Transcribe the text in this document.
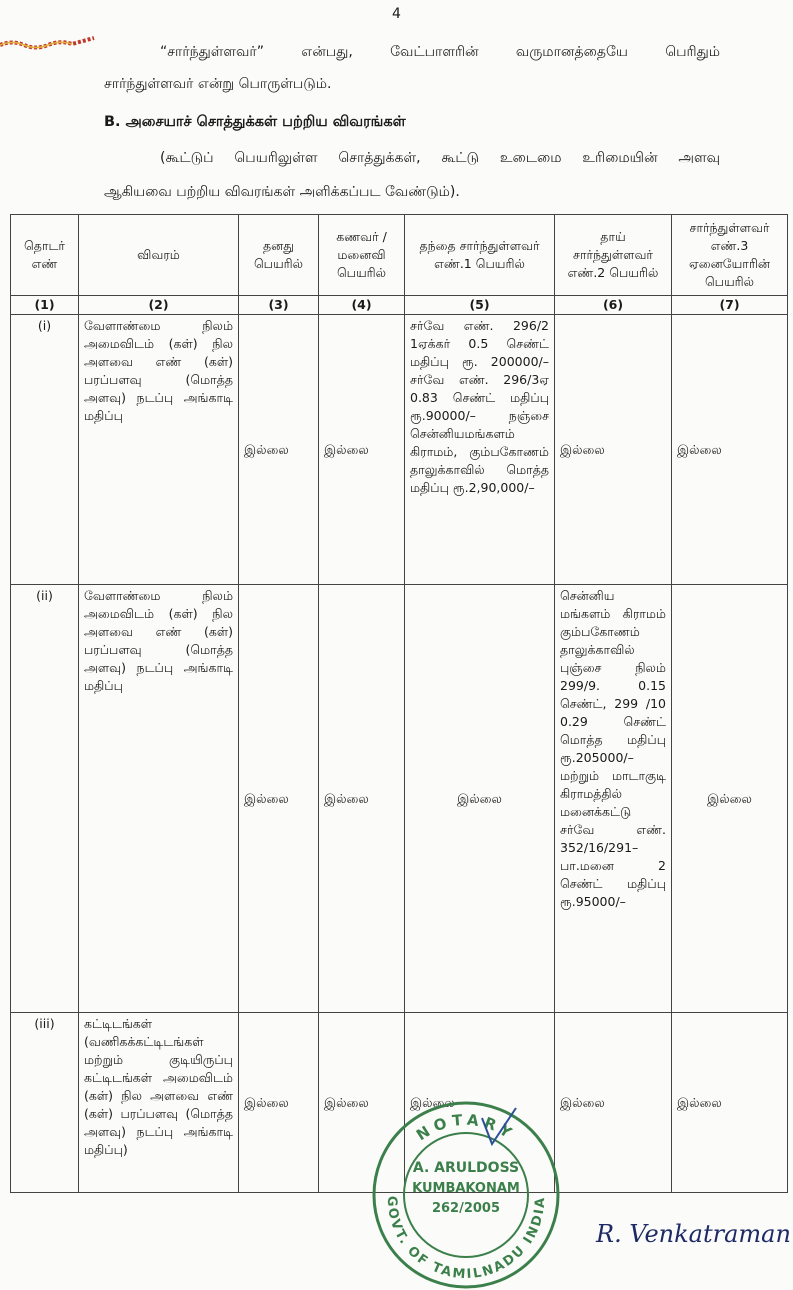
4
“சார்ந்துள்ளவர்” என்பது, வேட்பாளரின் வருமானத்தையே பெரிதும்
சார்ந்துள்ளவர் என்று பொருள்படும்.
B. அசையாச் சொத்துக்கள் பற்றிய விவரங்கள்
(கூட்டுப் பெயரிலுள்ள சொத்துக்கள், கூட்டு உடைமை உரிமையின் அளவு
ஆகியவை பற்றிய விவரங்கள் அளிக்கப்பட வேண்டும்).
தொடர் எண்	விவரம்	தனது பெயரில்	கணவர் / மனைவி பெயரில்	தந்தை சார்ந்துள்ளவர் எண்.1 பெயரில்	தாய் சார்ந்துள்ளவர் எண்.2 பெயரில்	சார்ந்துள்ளவர் எண்.3 ஏனையோரின் பெயரில்
(1)	(2)	(3)	(4)	(5)	(6)	(7)
(i)	வேளாண்மை நிலம் அமைவிடம் (கள்) நில அளவை எண் (கள்) பரப்பளவு (மொத்த அளவு) நடப்பு அங்காடி மதிப்பு	இல்லை	இல்லை	சர்வே எண். 296/2 1ஏக்கர் 0.5 செண்ட் மதிப்பு ரூ. 200000/– சர்வே எண். 296/3ஏ 0.83 செண்ட் மதிப்பு ரூ.90000/– நஞ்சை சென்னியமங்களம் கிராமம், கும்பகோணம் தாலுக்காவில் மொத்த மதிப்பு ரூ.2,90,000/–	இல்லை	இல்லை
(ii)	வேளாண்மை நிலம் அமைவிடம் (கள்) நில அளவை எண் (கள்) பரப்பளவு (மொத்த அளவு) நடப்பு அங்காடி மதிப்பு	இல்லை	இல்லை	இல்லை	சென்னிய மங்களம் கிராமம் கும்பகோணம் தாலுக்காவில் புஞ்சை நிலம் 299/9. 0.15 செண்ட், 299 /10 0.29 செண்ட் மொத்த மதிப்பு ரூ.205000/– மற்றும் மாடாகுடி கிராமத்தில் மனைக்கட்டு சர்வே எண். 352/16/291– பா.மனை 2 செண்ட் மதிப்பு ரூ.95000/–	இல்லை
(iii)	கட்டிடங்கள் (வணிகக்கட்டிடங்கள் மற்றும் குடியிருப்பு கட்டிடங்கள் அமைவிடம் (கள்) நில அளவை எண் (கள்) பரப்பளவு (மொத்த அளவு) நடப்பு அங்காடி மதிப்பு)	இல்லை	இல்லை	இல்லை	இல்லை	இல்லை
NOTARY
A. ARULDOSS
KUMBAKONAM
262/2005
GOVT. OF TAMILNADU INDIA
R. Venkatraman
